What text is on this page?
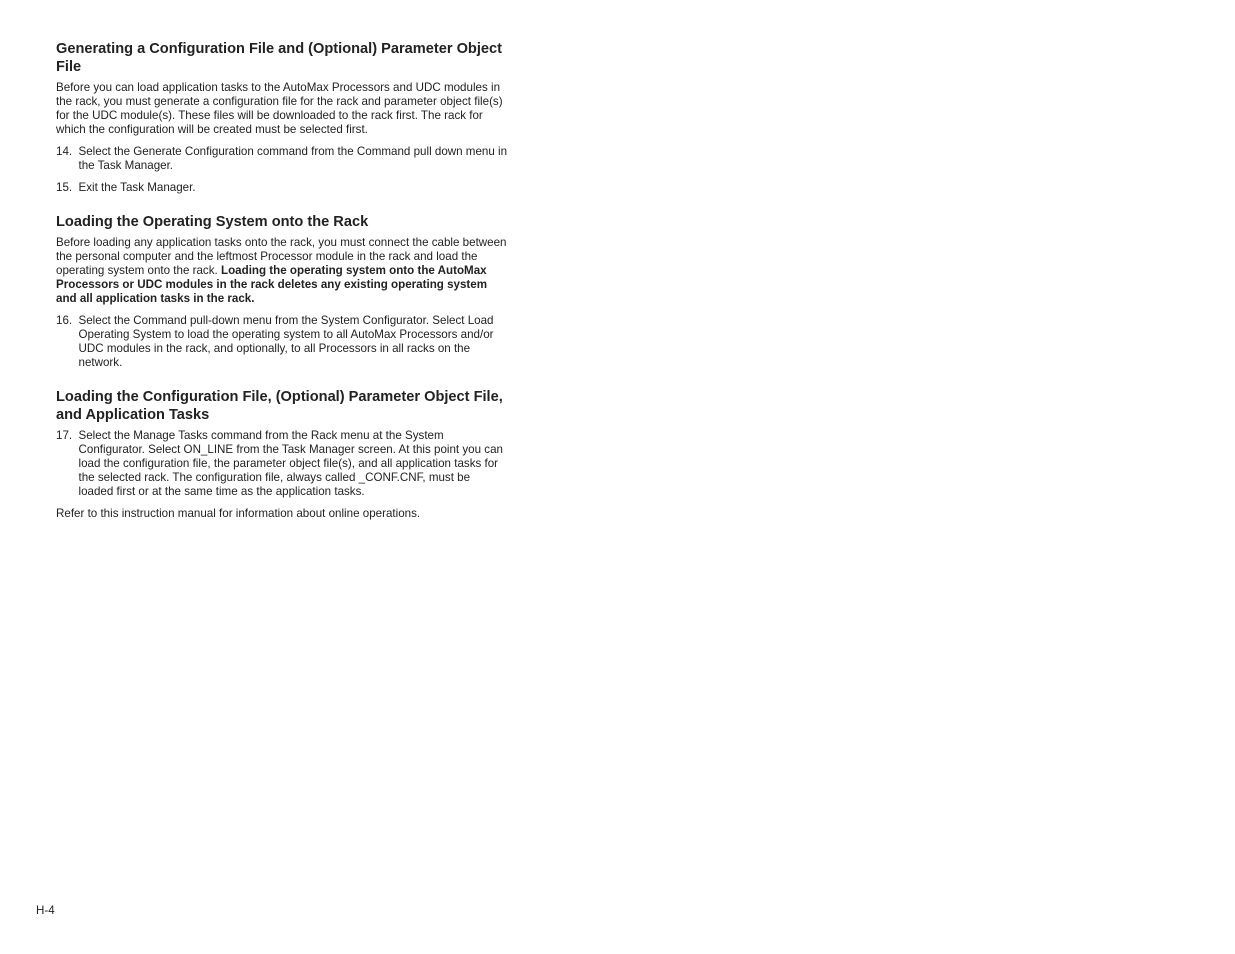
Generating a Configuration File and (Optional) Parameter Object File

Before you can load application tasks to the AutoMax Processors and UDC modules in the rack, you must generate a configuration file for the rack and parameter object file(s) for the UDC module(s). These files will be downloaded to the rack first. The rack for which the configuration will be created must be selected first.

14. Select the Generate Configuration command from the Command pull down menu in the Task Manager.
15. Exit the Task Manager.
Loading the Operating System onto the Rack

Before loading any application tasks onto the rack, you must connect the cable between the personal computer and the leftmost Processor module in the rack and load the operating system onto the rack. Loading the operating system onto the AutoMax Processors or UDC modules in the rack deletes any existing operating system and all application tasks in the rack.

16. Select the Command pull-down menu from the System Configurator. Select Load Operating System to load the operating system to all AutoMax Processors and/or UDC modules in the rack, and optionally, to all Processors in all racks on the network.
Loading the Configuration File, (Optional) Parameter Object File, and Application Tasks
17. Select the Manage Tasks command from the Rack menu at the System Configurator. Select ON_LINE from the Task Manager screen. At this point you can load the configuration file, the parameter object file(s), and all application tasks for the selected rack. The configuration file, always called _CONF.CNF, must be loaded first or at the same time as the application tasks.

Refer to this instruction manual for information about online operations.

H-4
